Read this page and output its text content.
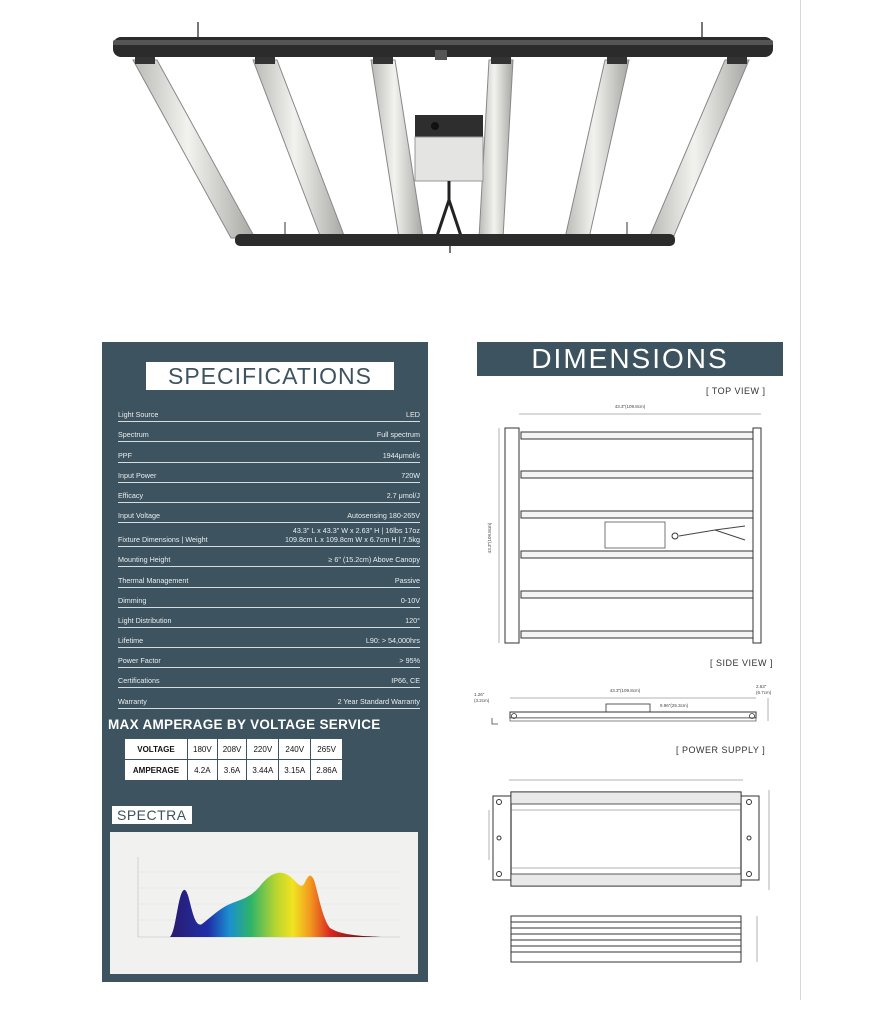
SPECIFICATIONS
Light Source	LED
Spectrum	Full spectrum
PPF	1944μmol/s
Input Power	720W
Efficacy	2.7 μmol/J
Input Voltage	Autosensing 180-265V
Fixture Dimensions | Weight
43.3" L x 43.3" W x 2.63" H | 16lbs 17oz
109.8cm L x 109.8cm W x 6.7cm H | 7.5kg
Mounting Height	≥ 6" (15.2cm) Above Canopy
Thermal Management	Passive
Dimming	0-10V
Light Distribution	120°
Lifetime	L90: > 54,000hrs
Power Factor	> 95%
Certifications	IP66, CE
Warranty	2 Year Standard Warranty
MAX AMPERAGE BY VOLTAGE SERVICE
VOLTAGE	180V	208V	220V	240V	265V
AMPERAGE	4.2A	3.6A	3.44A	3.15A	2.86A
SPECTRA
DIMENSIONS
[ TOP VIEW ]
43.3"(109.8cm)
43.3"(109.8cm)
[ SIDE VIEW ]
1.26"
(3.2cm)
2.63"
(6.7cm)
43.3"(109.8cm)
9.96"(25.3cm)
[ POWER SUPPLY ]
